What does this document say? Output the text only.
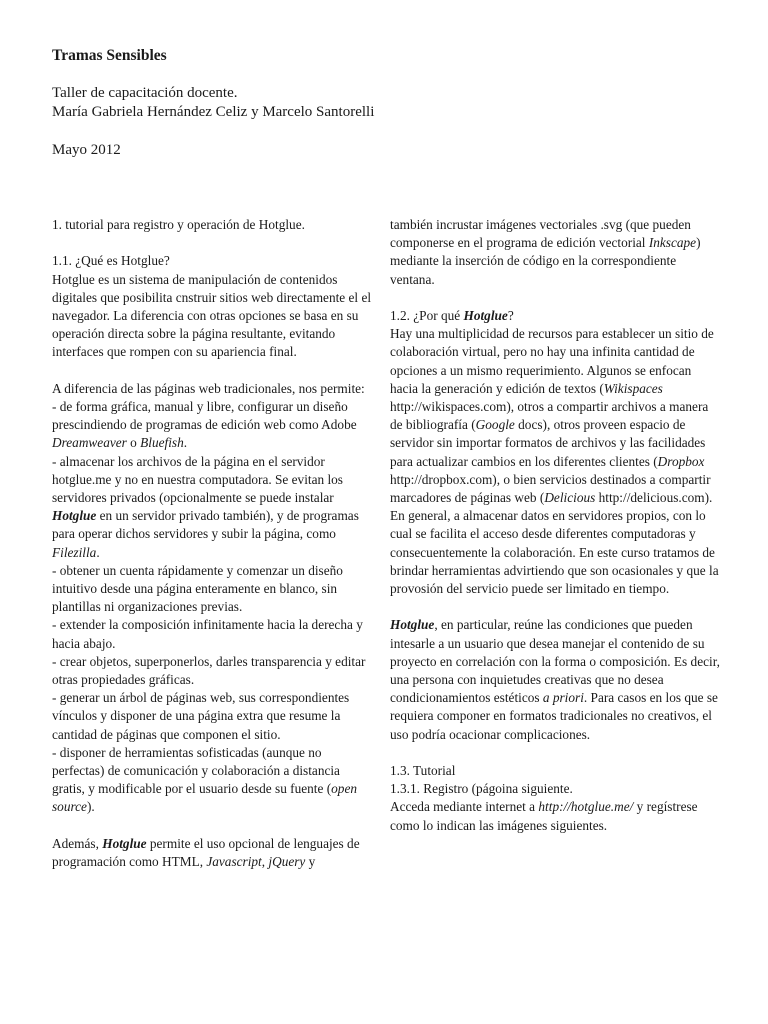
Tramas Sensibles

Taller de capacitación docente.

María Gabriela Hernández Celiz y Marcelo Santorelli

Mayo 2012

1. tutorial para registro y operación de Hotglue.

1.1. ¿Qué es Hotglue?

Hotglue es un sistema de manipulación de contenidos digitales que posibilita cnstruir sitios web directamente el el navegador. La diferencia con otras opciones se basa en su operación directa sobre la página resultante, evitando interfaces que rompen con su apariencia final.

A diferencia de las páginas web tradicionales, nos permite:

- de forma gráfica, manual y libre, configurar un diseño prescindiendo de programas de edición web como Adobe Dreamweaver o Bluefish.

- almacenar los archivos de la página en el servidor hotglue.me y no en nuestra computadora. Se evitan los servidores privados (opcionalmente se puede instalar Hotglue en un servidor privado también), y de programas para operar dichos servidores y subir la página, como Filezilla.

- obtener un cuenta rápidamente y comenzar un diseño intuitivo desde una página enteramente en blanco, sin plantillas ni organizaciones previas.

- extender la composición infinitamente hacia la derecha y hacia abajo.

- crear objetos, superponerlos, darles transparencia y editar otras propiedades gráficas.

- generar un árbol de páginas web, sus correspondientes vínculos y disponer de una página extra que resume la cantidad de páginas que componen el sitio.

- disponer de herramientas sofisticadas (aunque no perfectas) de comunicación y colaboración a distancia gratis, y modificable por el usuario desde su fuente (open source).

Además, Hotglue permite el uso opcional de lenguajes de programación como HTML, Javascript, jQuery y

también incrustar imágenes vectoriales .svg (que pueden componerse en el programa de edición vectorial Inkscape) mediante la inserción de código en la correspondiente ventana.

1.2. ¿Por qué Hotglue?

Hay una multiplicidad de recursos para establecer un sitio de colaboración virtual, pero no hay una infinita cantidad de opciones a un mismo requerimiento. Algunos se enfocan hacia la generación y edición de textos (Wikispaces http://wikispaces.com), otros a compartir archivos a manera de bibliografía (Google docs), otros proveen espacio de servidor sin importar formatos de archivos y las facilidades para actualizar cambios en los diferentes clientes (Dropbox http://dropbox.com), o bien servicios destinados a compartir marcadores de páginas web (Delicious http://delicious.com). En general, a almacenar datos en servidores propios, con lo cual se facilita el acceso desde diferentes computadoras y consecuentemente la colaboración. En este curso tratamos de brindar herramientas advirtiendo que son ocasionales y que la provosión del servicio puede ser limitado en tiempo.

Hotglue, en particular, reúne las condiciones que pueden intesarle a un usuario que desea manejar el contenido de su proyecto en correlación con la forma o composición. Es decir, una persona con inquietudes creativas que no desea condicionamientos estéticos a priori. Para casos en los que se requiera componer en formatos tradicionales no creativos, el uso podría ocacionar complicaciones.

1.3. Tutorial

1.3.1. Registro (págoina siguiente.

Acceda mediante internet a http://hotglue.me/ y regístrese como lo indican las imágenes siguientes.
